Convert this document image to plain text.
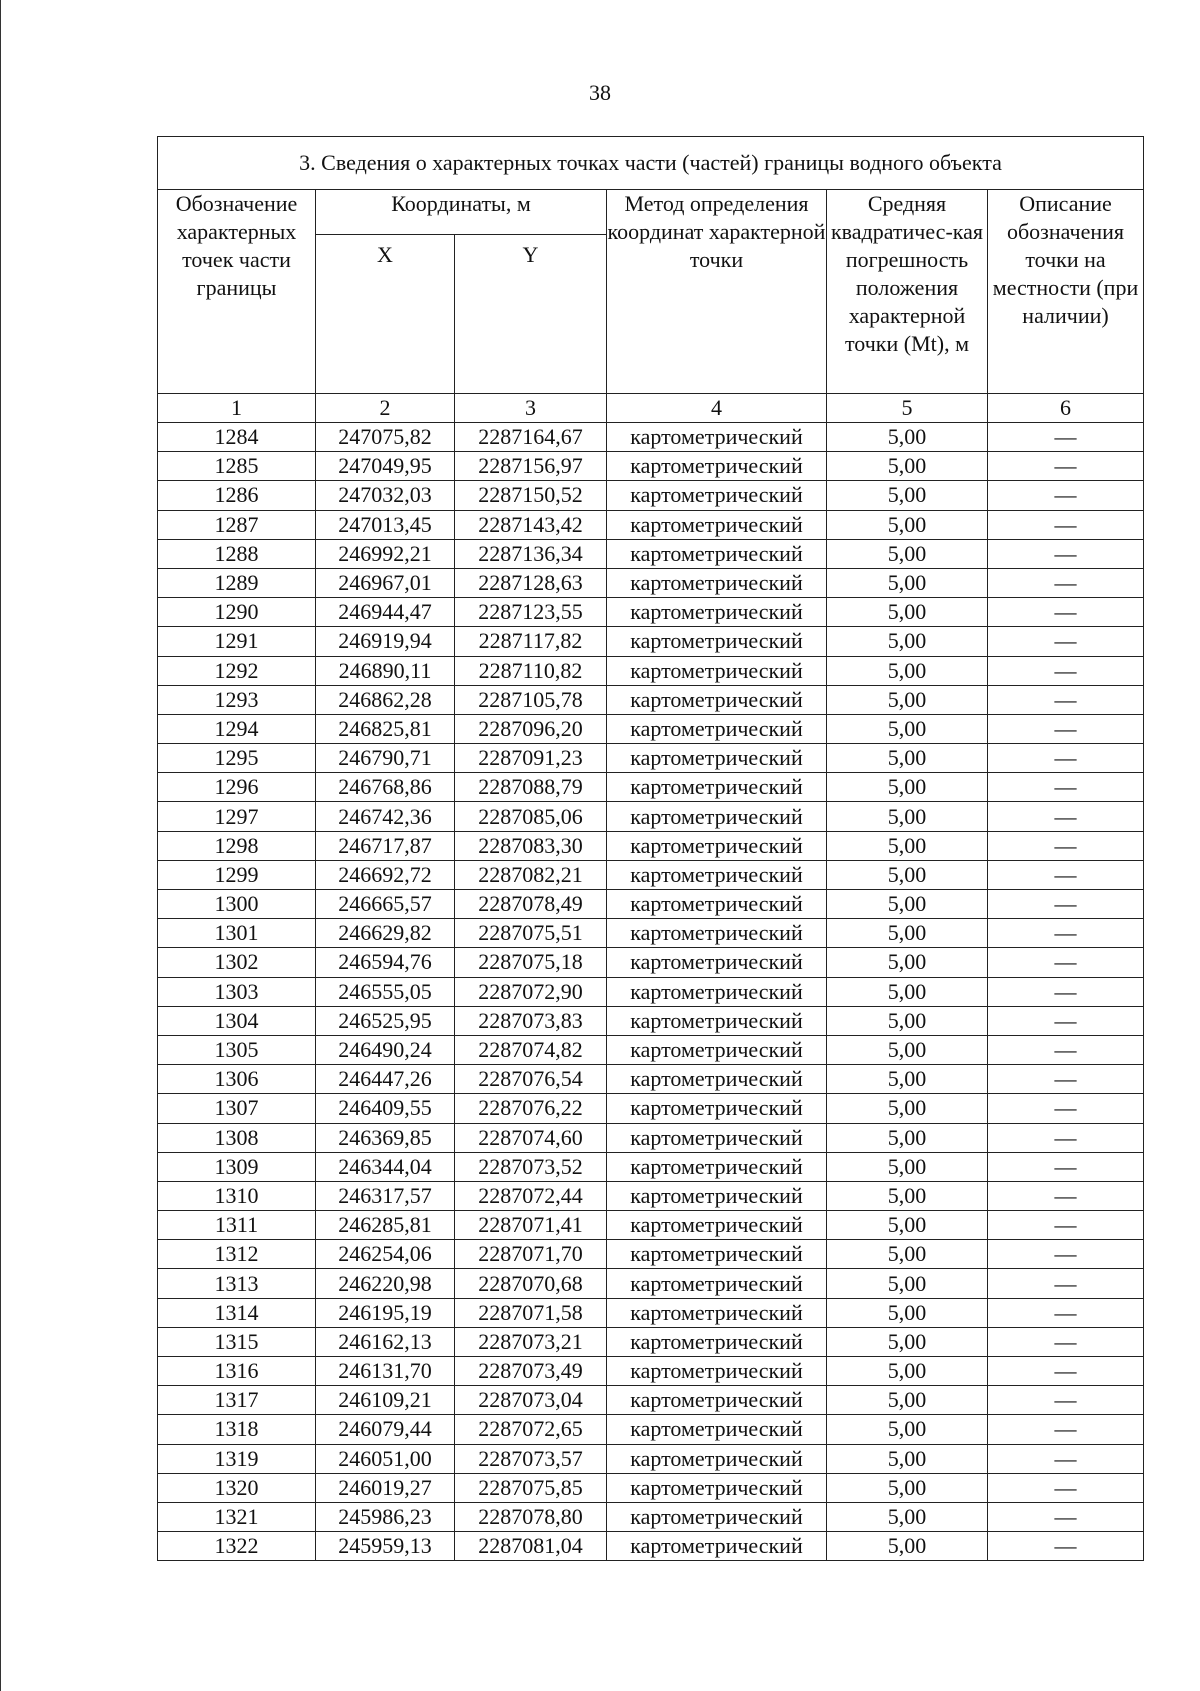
38
3. Сведения о характерных точках части (частей) границы водного объекта					
Обозначение характерных точек части границы	Координаты, м		Метод определения координат характерной точки	Средняя квадратичес-кая погрешность положения характерной точки (Mt), м	Описание обозначения точки на местности (при наличии)
	X	Y			
1	2	3	4	5	6
1284	247075,82	2287164,67	картометрический	5,00	—
1285	247049,95	2287156,97	картометрический	5,00	—
1286	247032,03	2287150,52	картометрический	5,00	—
1287	247013,45	2287143,42	картометрический	5,00	—
1288	246992,21	2287136,34	картометрический	5,00	—
1289	246967,01	2287128,63	картометрический	5,00	—
1290	246944,47	2287123,55	картометрический	5,00	—
1291	246919,94	2287117,82	картометрический	5,00	—
1292	246890,11	2287110,82	картометрический	5,00	—
1293	246862,28	2287105,78	картометрический	5,00	—
1294	246825,81	2287096,20	картометрический	5,00	—
1295	246790,71	2287091,23	картометрический	5,00	—
1296	246768,86	2287088,79	картометрический	5,00	—
1297	246742,36	2287085,06	картометрический	5,00	—
1298	246717,87	2287083,30	картометрический	5,00	—
1299	246692,72	2287082,21	картометрический	5,00	—
1300	246665,57	2287078,49	картометрический	5,00	—
1301	246629,82	2287075,51	картометрический	5,00	—
1302	246594,76	2287075,18	картометрический	5,00	—
1303	246555,05	2287072,90	картометрический	5,00	—
1304	246525,95	2287073,83	картометрический	5,00	—
1305	246490,24	2287074,82	картометрический	5,00	—
1306	246447,26	2287076,54	картометрический	5,00	—
1307	246409,55	2287076,22	картометрический	5,00	—
1308	246369,85	2287074,60	картометрический	5,00	—
1309	246344,04	2287073,52	картометрический	5,00	—
1310	246317,57	2287072,44	картометрический	5,00	—
1311	246285,81	2287071,41	картометрический	5,00	—
1312	246254,06	2287071,70	картометрический	5,00	—
1313	246220,98	2287070,68	картометрический	5,00	—
1314	246195,19	2287071,58	картометрический	5,00	—
1315	246162,13	2287073,21	картометрический	5,00	—
1316	246131,70	2287073,49	картометрический	5,00	—
1317	246109,21	2287073,04	картометрический	5,00	—
1318	246079,44	2287072,65	картометрический	5,00	—
1319	246051,00	2287073,57	картометрический	5,00	—
1320	246019,27	2287075,85	картометрический	5,00	—
1321	245986,23	2287078,80	картометрический	5,00	—
1322	245959,13	2287081,04	картометрический	5,00	—
